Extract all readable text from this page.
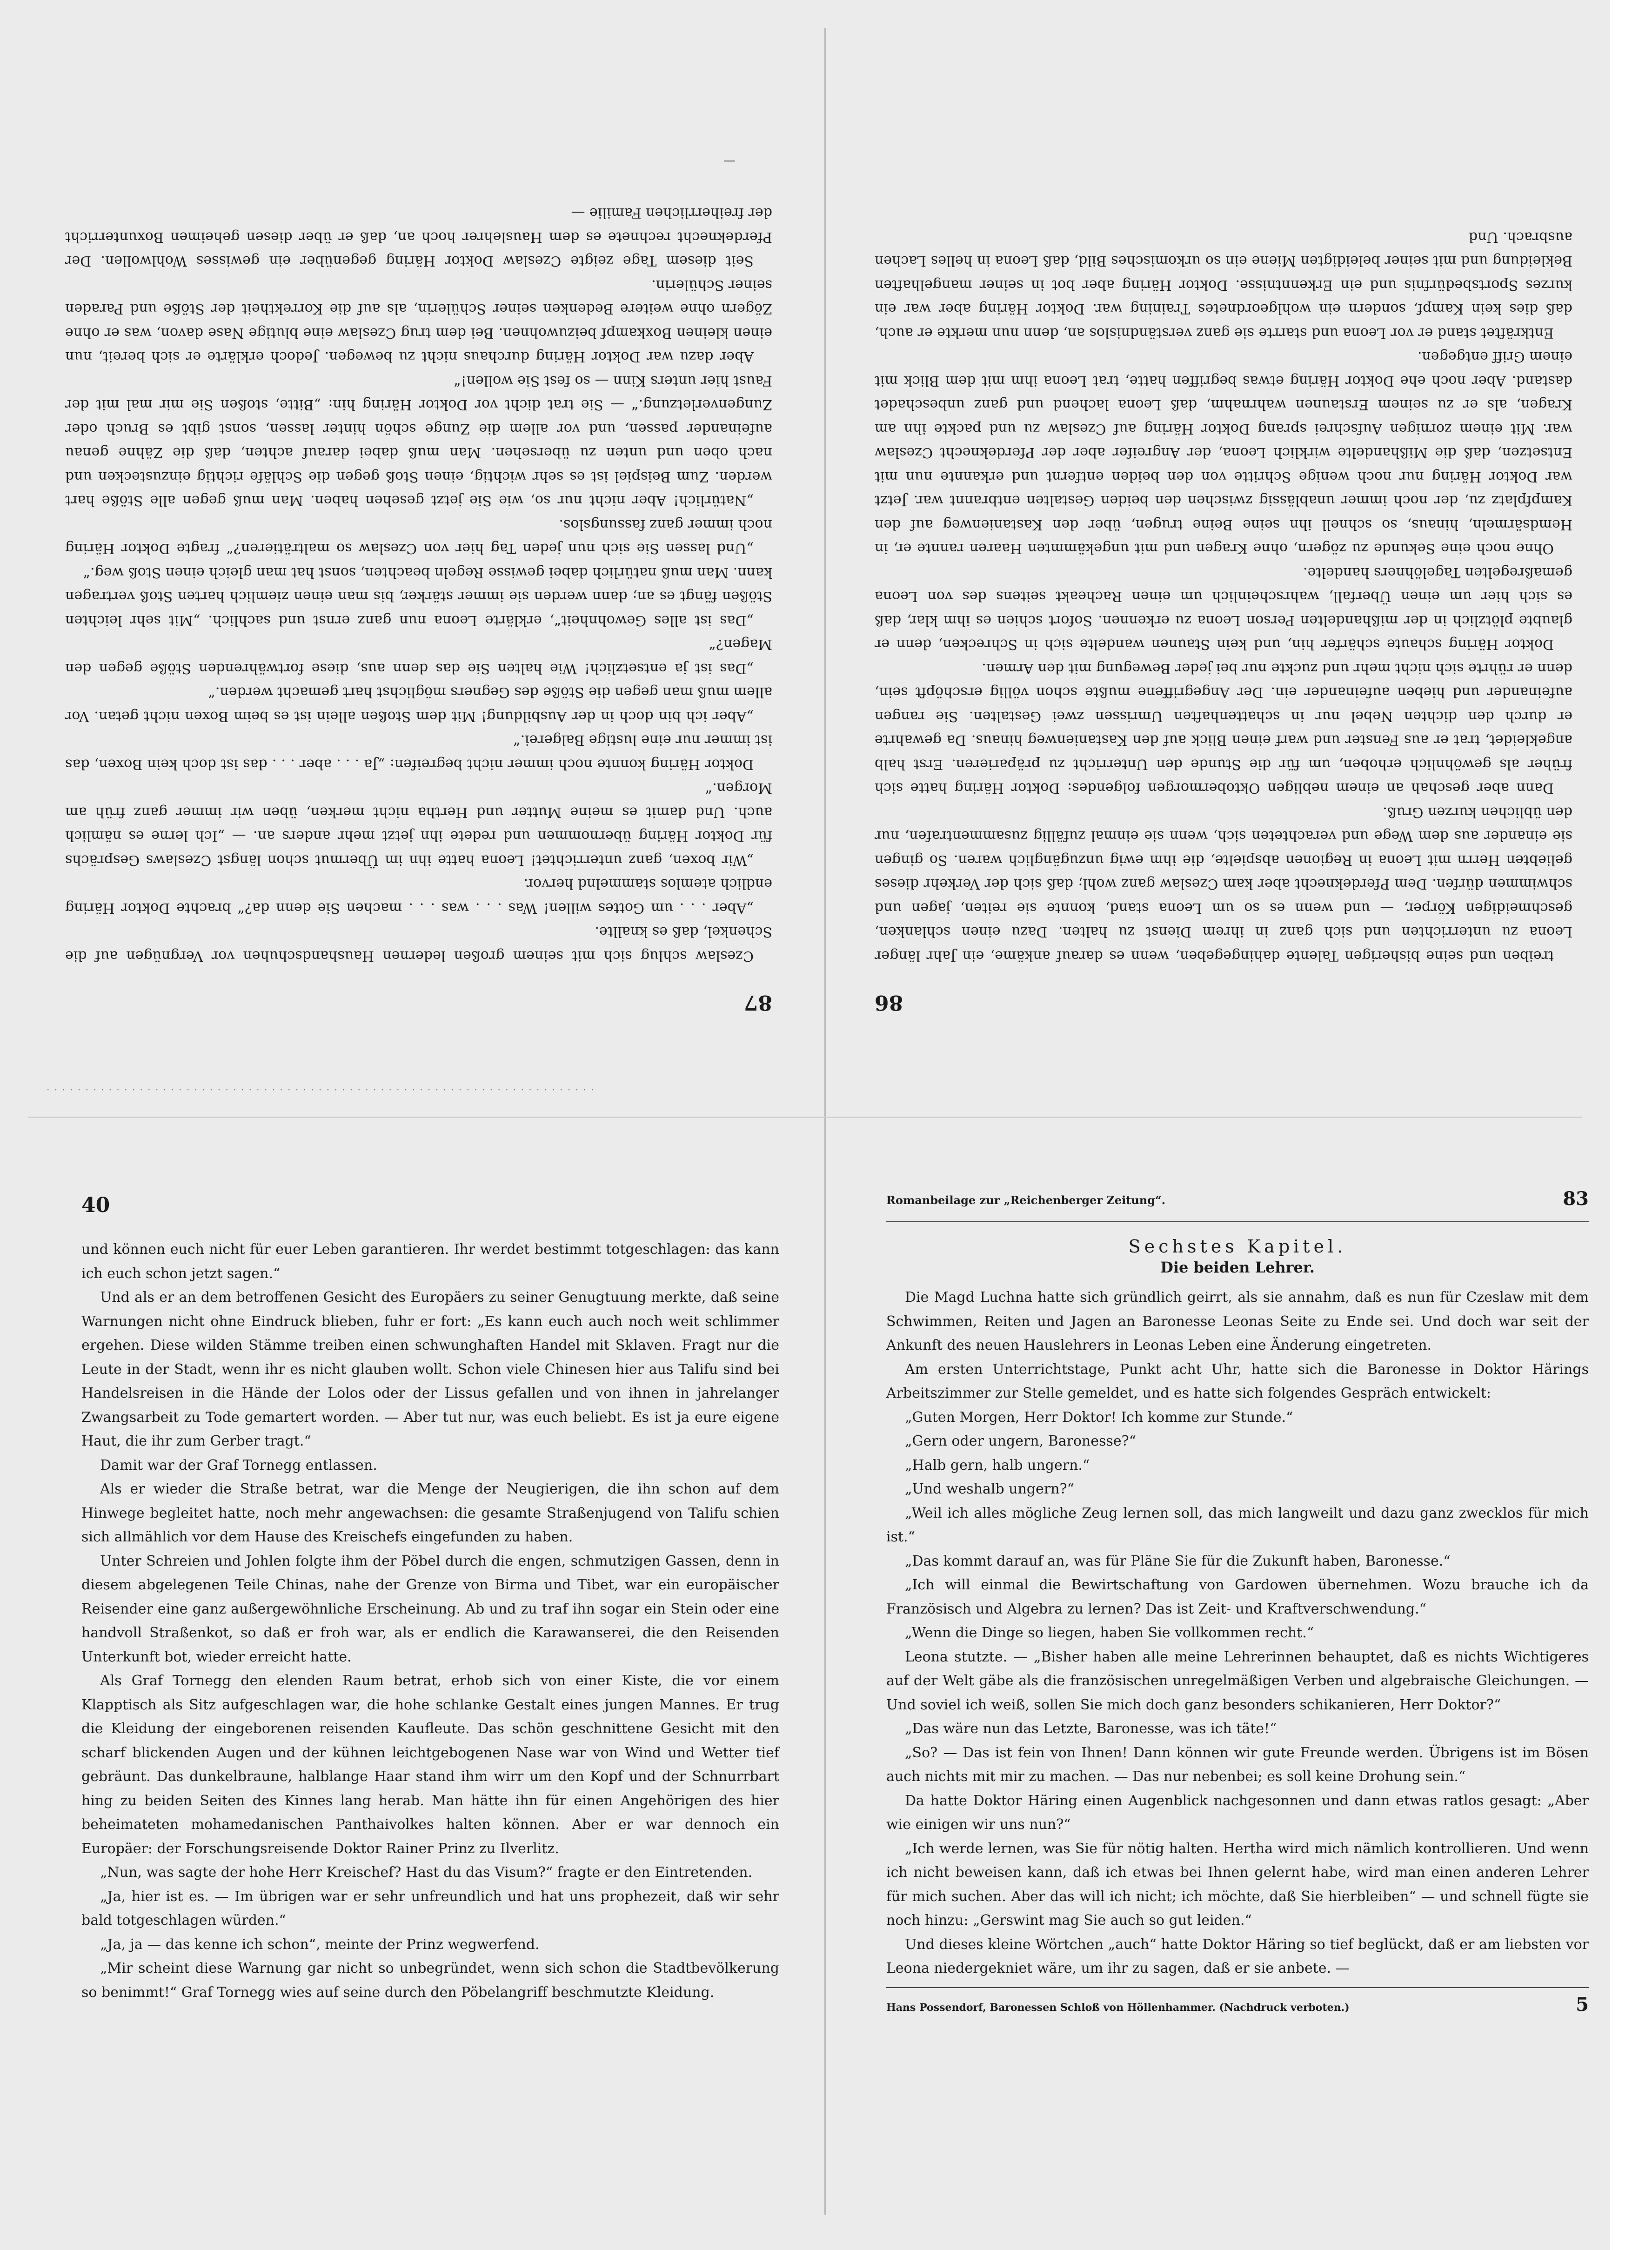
· · · · · · · · · · · · · · · · · · · · · · · · · · · · · · · · · · · · · · · · · · · · · · · · · · · · · · · · · · · · · · · · · · · · · · ·
87

Czeslaw schlug sich mit seinem großen ledernen Haushandschuhen vor Vergnügen auf die Schenkel, daß es knallte.

„Aber . . . um Gottes willen! Was . . . was . . . machen Sie denn da?“ brachte Doktor Häring endlich atemlos stammelnd hervor.

„Wir boxen, ganz unterrichtet! Leona hatte ihn im Übermut schon längst Czeslaws Gesprächs für Doktor Häring übernommen und redete ihn jetzt mehr anders an. — „Ich lerne es nämlich auch. Und damit es meine Mutter und Hertha nicht merken, üben wir immer ganz früh am Morgen.“

Doktor Häring konnte noch immer nicht begreifen: „Ja . . . aber . . . das ist doch kein Boxen, das ist immer nur eine lustige Balgerei.“

„Aber ich bin doch in der Ausbildung! Mit dem Stoßen allein ist es beim Boxen nicht getan. Vor allem muß man gegen die Stöße des Gegners möglichst hart gemacht werden.“

„Das ist ja entsetzlich! Wie halten Sie das denn aus, diese fortwährenden Stöße gegen den Magen?“

„Das ist alles Gewohnheit“, erklärte Leona nun ganz ernst und sachlich. „Mit sehr leichten Stößen fängt es an; dann werden sie immer stärker, bis man einen ziemlich harten Stoß vertragen kann. Man muß natürlich dabei gewisse Regeln beachten, sonst hat man gleich einen Stoß weg.“

„Und lassen Sie sich nun jeden Tag hier von Czeslaw so malträtieren?“ fragte Doktor Häring noch immer ganz fassungslos.

„Natürlich! Aber nicht nur so, wie Sie jetzt gesehen haben. Man muß gegen alle Stöße hart werden. Zum Beispiel ist es sehr wichtig, einen Stoß gegen die Schläfe richtig einzustecken und nach oben und unten zu übersehen. Man muß dabei darauf achten, daß die Zähne genau aufeinander passen, und vor allem die Zunge schön hinter lassen, sonst gibt es Bruch oder Zungenverletzung.“ — Sie trat dicht vor Doktor Häring hin: „Bitte, stoßen Sie mir mal mit der Faust hier unters Kinn — so fest Sie wollen!“

Aber dazu war Doktor Häring durchaus nicht zu bewegen. Jedoch erklärte er sich bereit, nun einen kleinen Boxkampf beizuwohnen. Bei dem trug Czeslaw eine blutige Nase davon, was er ohne Zögern ohne weitere Bedenken seiner Schülerin, als auf die Korrektheit der Stöße und Paraden seiner Schülerin.

Seit diesem Tage zeigte Czeslaw Doktor Häring gegenüber ein gewisses Wohlwollen. Der Pferdeknecht rechnete es dem Hauslehrer hoch an, daß er über diesen geheimen Boxunterricht der freiherrlichen Familie —

86

treiben und seine bisherigen Talente dahingegeben, wenn es darauf ankäme, ein Jahr länger Leona zu unterrichten und sich ganz in ihrem Dienst zu halten. Dazu einen schlanken, geschmeidigen Körper, — und wenn es so um Leona stand, konnte sie reiten, jagen und schwimmen dürfen. Dem Pferdeknecht aber kam Czeslaw ganz wohl; daß sich der Verkehr dieses geliebten Herrn mit Leona in Regionen abspielte, die ihm ewig unzugänglich waren. So gingen sie einander aus dem Wege und verachteten sich, wenn sie einmal zufällig zusammentrafen, nur den üblichen kurzen Gruß.

Dann aber geschah an einem nebligen Oktobermorgen folgendes: Doktor Häring hatte sich früher als gewöhnlich erhoben, um für die Stunde den Unterricht zu präparieren. Erst halb angekleidet, trat er aus Fenster und warf einen Blick auf den Kastanienweg hinaus. Da gewahrte er durch den dichten Nebel nur in schattenhaften Umrissen zwei Gestalten. Sie rangen aufeinander und hieben aufeinander ein. Der Angegriffene mußte schon völlig erschöpft sein, denn er rührte sich nicht mehr und zuckte nur bei jeder Bewegung mit den Armen.

Doktor Häring schaute schärfer hin, und kein Staunen wandelte sich in Schrecken, denn er glaubte plötzlich in der mißhandelten Person Leona zu erkennen. Sofort schien es ihm klar, daß es sich hier um einen Überfall, wahrscheinlich um einen Racheakt seitens des von Leona gemaßregelten Tagelöhners handelte.

Ohne noch eine Sekunde zu zögern, ohne Kragen und mit ungekämmten Haaren rannte er, in Hemdsärmeln, hinaus, so schnell ihn seine Beine trugen, über den Kastanienweg auf den Kampfplatz zu, der noch immer unablässig zwischen den beiden Gestalten entbrannt war. Jetzt war Doktor Häring nur noch wenige Schritte von den beiden entfernt und erkannte nun mit Entsetzen, daß die Mißhandelte wirklich Leona, der Angreifer aber der Pferdeknecht Czeslaw war. Mit einem zornigen Aufschrei sprang Doktor Häring auf Czeslaw zu und packte ihn am Kragen, als er zu seinem Erstaunen wahrnahm, daß Leona lachend und ganz unbeschadet dastand. Aber noch ehe Doktor Häring etwas begriffen hatte, trat Leona ihm mit dem Blick mit einem Griff entgegen.

Entkräftet stand er vor Leona und starrte sie ganz verständnislos an, denn nun merkte er auch, daß dies kein Kampf, sondern ein wohlgeordnetes Training war. Doktor Häring aber war ein kurzes Sportsbedürfnis und ein Erkenntnisse. Doktor Häring aber bot in seiner mangelhaften Bekleidung und mit seiner beleidigten Miene ein so urkomisches Bild, daß Leona in helles Lachen ausbrach. Und

—
40

und können euch nicht für euer Leben garantieren. Ihr werdet bestimmt totgeschlagen: das kann ich euch schon jetzt sagen.“

Und als er an dem betroffenen Gesicht des Europäers zu seiner Genugtuung merkte, daß seine Warnungen nicht ohne Eindruck blieben, fuhr er fort: „Es kann euch auch noch weit schlimmer ergehen. Diese wilden Stämme treiben einen schwunghaften Handel mit Sklaven. Fragt nur die Leute in der Stadt, wenn ihr es nicht glauben wollt. Schon viele Chinesen hier aus Talifu sind bei Handelsreisen in die Hände der Lolos oder der Lissus gefallen und von ihnen in jahrelanger Zwangsarbeit zu Tode gemartert worden. — Aber tut nur, was euch beliebt. Es ist ja eure eigene Haut, die ihr zum Gerber tragt.“

Damit war der Graf Tornegg entlassen.

Als er wieder die Straße betrat, war die Menge der Neugierigen, die ihn schon auf dem Hinwege begleitet hatte, noch mehr angewachsen: die gesamte Straßenjugend von Talifu schien sich allmählich vor dem Hause des Kreischefs eingefunden zu haben.

Unter Schreien und Johlen folgte ihm der Pöbel durch die engen, schmutzigen Gassen, denn in diesem abgelegenen Teile Chinas, nahe der Grenze von Birma und Tibet, war ein europäischer Reisender eine ganz außergewöhnliche Erscheinung. Ab und zu traf ihn sogar ein Stein oder eine handvoll Straßenkot, so daß er froh war, als er endlich die Karawanserei, die den Reisenden Unterkunft bot, wieder erreicht hatte.

Als Graf Tornegg den elenden Raum betrat, erhob sich von einer Kiste, die vor einem Klapptisch als Sitz aufgeschlagen war, die hohe schlanke Gestalt eines jungen Mannes. Er trug die Kleidung der eingeborenen reisenden Kaufleute. Das schön geschnittene Gesicht mit den scharf blickenden Augen und der kühnen leichtgebogenen Nase war von Wind und Wetter tief gebräunt. Das dunkelbraune, halblange Haar stand ihm wirr um den Kopf und der Schnurrbart hing zu beiden Seiten des Kinnes lang herab. Man hätte ihn für einen Angehörigen des hier beheimateten mohamedanischen Panthaivolkes halten können. Aber er war dennoch ein Europäer: der Forschungsreisende Doktor Rainer Prinz zu Ilverlitz.

„Nun, was sagte der hohe Herr Kreischef? Hast du das Visum?“ fragte er den Eintretenden.

„Ja, hier ist es. — Im übrigen war er sehr unfreundlich und hat uns prophezeit, daß wir sehr bald totgeschlagen würden.“

„Ja, ja — das kenne ich schon“, meinte der Prinz wegwerfend.

„Mir scheint diese Warnung gar nicht so unbegründet, wenn sich schon die Stadtbevölkerung so benimmt!“ Graf Tornegg wies auf seine durch den Pöbelangriff beschmutzte Kleidung.

Romanbeilage zur „Reichenberger Zeitung“.	83
Sechstes Kapitel.
Die beiden Lehrer.

Die Magd Luchna hatte sich gründlich geirrt, als sie annahm, daß es nun für Czeslaw mit dem Schwimmen, Reiten und Jagen an Baronesse Leonas Seite zu Ende sei. Und doch war seit der Ankunft des neuen Hauslehrers in Leonas Leben eine Änderung eingetreten.

Am ersten Unterrichtstage, Punkt acht Uhr, hatte sich die Baronesse in Doktor Härings Arbeitszimmer zur Stelle gemeldet, und es hatte sich folgendes Gespräch entwickelt:

„Guten Morgen, Herr Doktor! Ich komme zur Stunde.“

„Gern oder ungern, Baronesse?“

„Halb gern, halb ungern.“

„Und weshalb ungern?“

„Weil ich alles mögliche Zeug lernen soll, das mich langweilt und dazu ganz zwecklos für mich ist.“

„Das kommt darauf an, was für Pläne Sie für die Zukunft haben, Baronesse.“

„Ich will einmal die Bewirtschaftung von Gardowen übernehmen. Wozu brauche ich da Französisch und Algebra zu lernen? Das ist Zeit- und Kraftverschwendung.“

„Wenn die Dinge so liegen, haben Sie vollkommen recht.“

Leona stutzte. — „Bisher haben alle meine Lehrerinnen behauptet, daß es nichts Wichtigeres auf der Welt gäbe als die französischen unregelmäßigen Verben und algebraische Gleichungen. — Und soviel ich weiß, sollen Sie mich doch ganz besonders schikanieren, Herr Doktor?“

„Das wäre nun das Letzte, Baronesse, was ich täte!“

„So? — Das ist fein von Ihnen! Dann können wir gute Freunde werden. Übrigens ist im Bösen auch nichts mit mir zu machen. — Das nur nebenbei; es soll keine Drohung sein.“

Da hatte Doktor Häring einen Augenblick nachgesonnen und dann etwas ratlos gesagt: „Aber wie einigen wir uns nun?“

„Ich werde lernen, was Sie für nötig halten. Hertha wird mich nämlich kontrollieren. Und wenn ich nicht beweisen kann, daß ich etwas bei Ihnen gelernt habe, wird man einen anderen Lehrer für mich suchen. Aber das will ich nicht; ich möchte, daß Sie hierbleiben“ — und schnell fügte sie noch hinzu: „Gerswint mag Sie auch so gut leiden.“

Und dieses kleine Wörtchen „auch“ hatte Doktor Häring so tief beglückt, daß er am liebsten vor Leona niedergekniet wäre, um ihr zu sagen, daß er sie anbete. —

Hans Possendorf, Baronessen Schloß von Höllenhammer. (Nachdruck verboten.)	5
